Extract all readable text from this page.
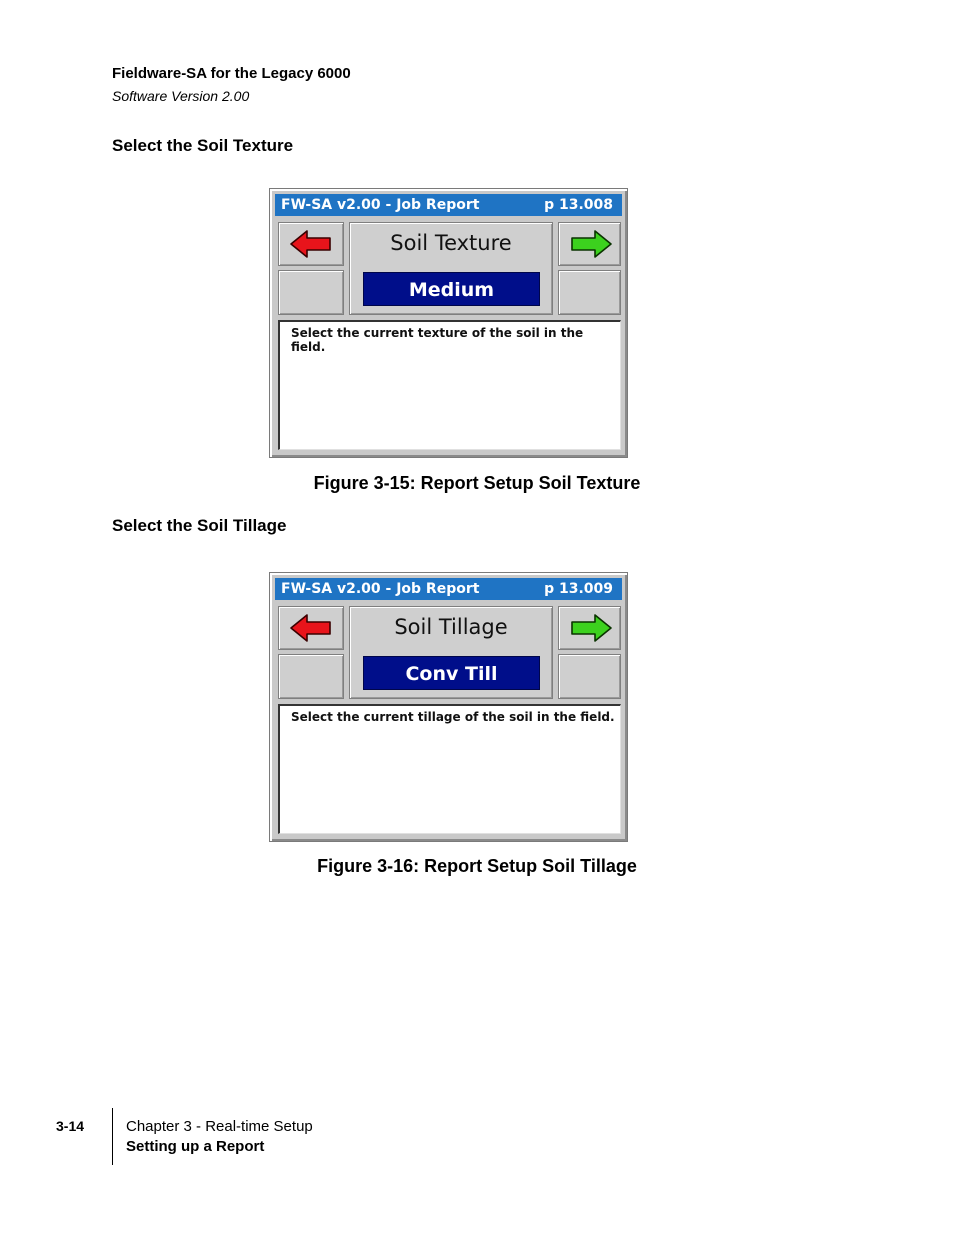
Fieldware-SA for the Legacy 6000
Software Version 2.00
Select the Soil Texture
FW-SA v2.00 - Job Report	p 13.008
Soil Texture
Medium
Select the current texture of the soil in the field.
Figure 3-15: Report Setup Soil Texture
Select the Soil Tillage
FW-SA v2.00 - Job Report	p 13.009
Soil Tillage
Conv Till
Select the current tillage of the soil in the field.
Figure 3-16: Report Setup Soil Tillage
3-14	Chapter 3 - Real-time Setup
Setting up a Report
